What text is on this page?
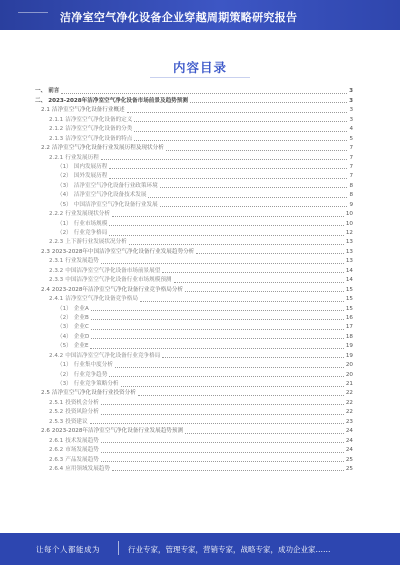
洁净室空气净化设备企业穿越周期策略研究报告
内容目录
一、 前言	3
二、 2023-2028年洁净室空气净化设备市场前景及趋势预测	3
2.1 洁净室空气净化设备行业概述	3
2.1.1 洁净室空气净化设备的定义	3
2.1.2 洁净室空气净化设备的分类	4
2.1.3 洁净室空气净化设备的特点	5
2.2 洁净室空气净化设备行业发展历程及现状分析	7
2.2.1 行业发展历程	7
（1） 国内发展历程	7
（2） 国外发展历程	7
（3） 洁净室空气净化设备行业政策环境	8
（4） 洁净室空气净化设备技术发展	8
（5） 中国洁净室空气净化设备行业发展	9
2.2.2 行业发展现状分析	10
（1） 行业市场规模	10
（2） 行业竞争格局	12
2.2.3 上下游行业发展状况分析	13
2.3 2023-2028年中国洁净室空气净化设备行业发展趋势分析	13
2.3.1 行业发展趋势	13
2.3.2 中国洁净室空气净化设备市场前景展望	14
2.3.3 中国洁净室空气净化设备行业市场规模预测	14
2.4 2023-2028年洁净室空气净化设备行业竞争格局分析	15
2.4.1 洁净室空气净化设备竞争格局	15
（1） 企业A	15
（2） 企业B	16
（3） 企业C	17
（4） 企业D	18
（5） 企业E	19
2.4.2 中国洁净室空气净化设备行业竞争格局	19
（1） 行业集中度分析	20
（2） 行业竞争趋势	20
（3） 行业竞争策略分析	21
2.5 洁净室空气净化设备行业投资分析	22
2.5.1 投资机会分析	22
2.5.2 投资风险分析	22
2.5.3 投资建议	23
2.6 2023-2028年洁净室空气净化设备行业发展趋势预测	24
2.6.1 技术发展趋势	24
2.6.2 市场发展趋势	24
2.6.3 产品发展趋势	25
2.6.4 应用领域发展趋势	25
让每个人都能成为	行业专家，管理专家，营销专家，战略专家，成功企业家……
